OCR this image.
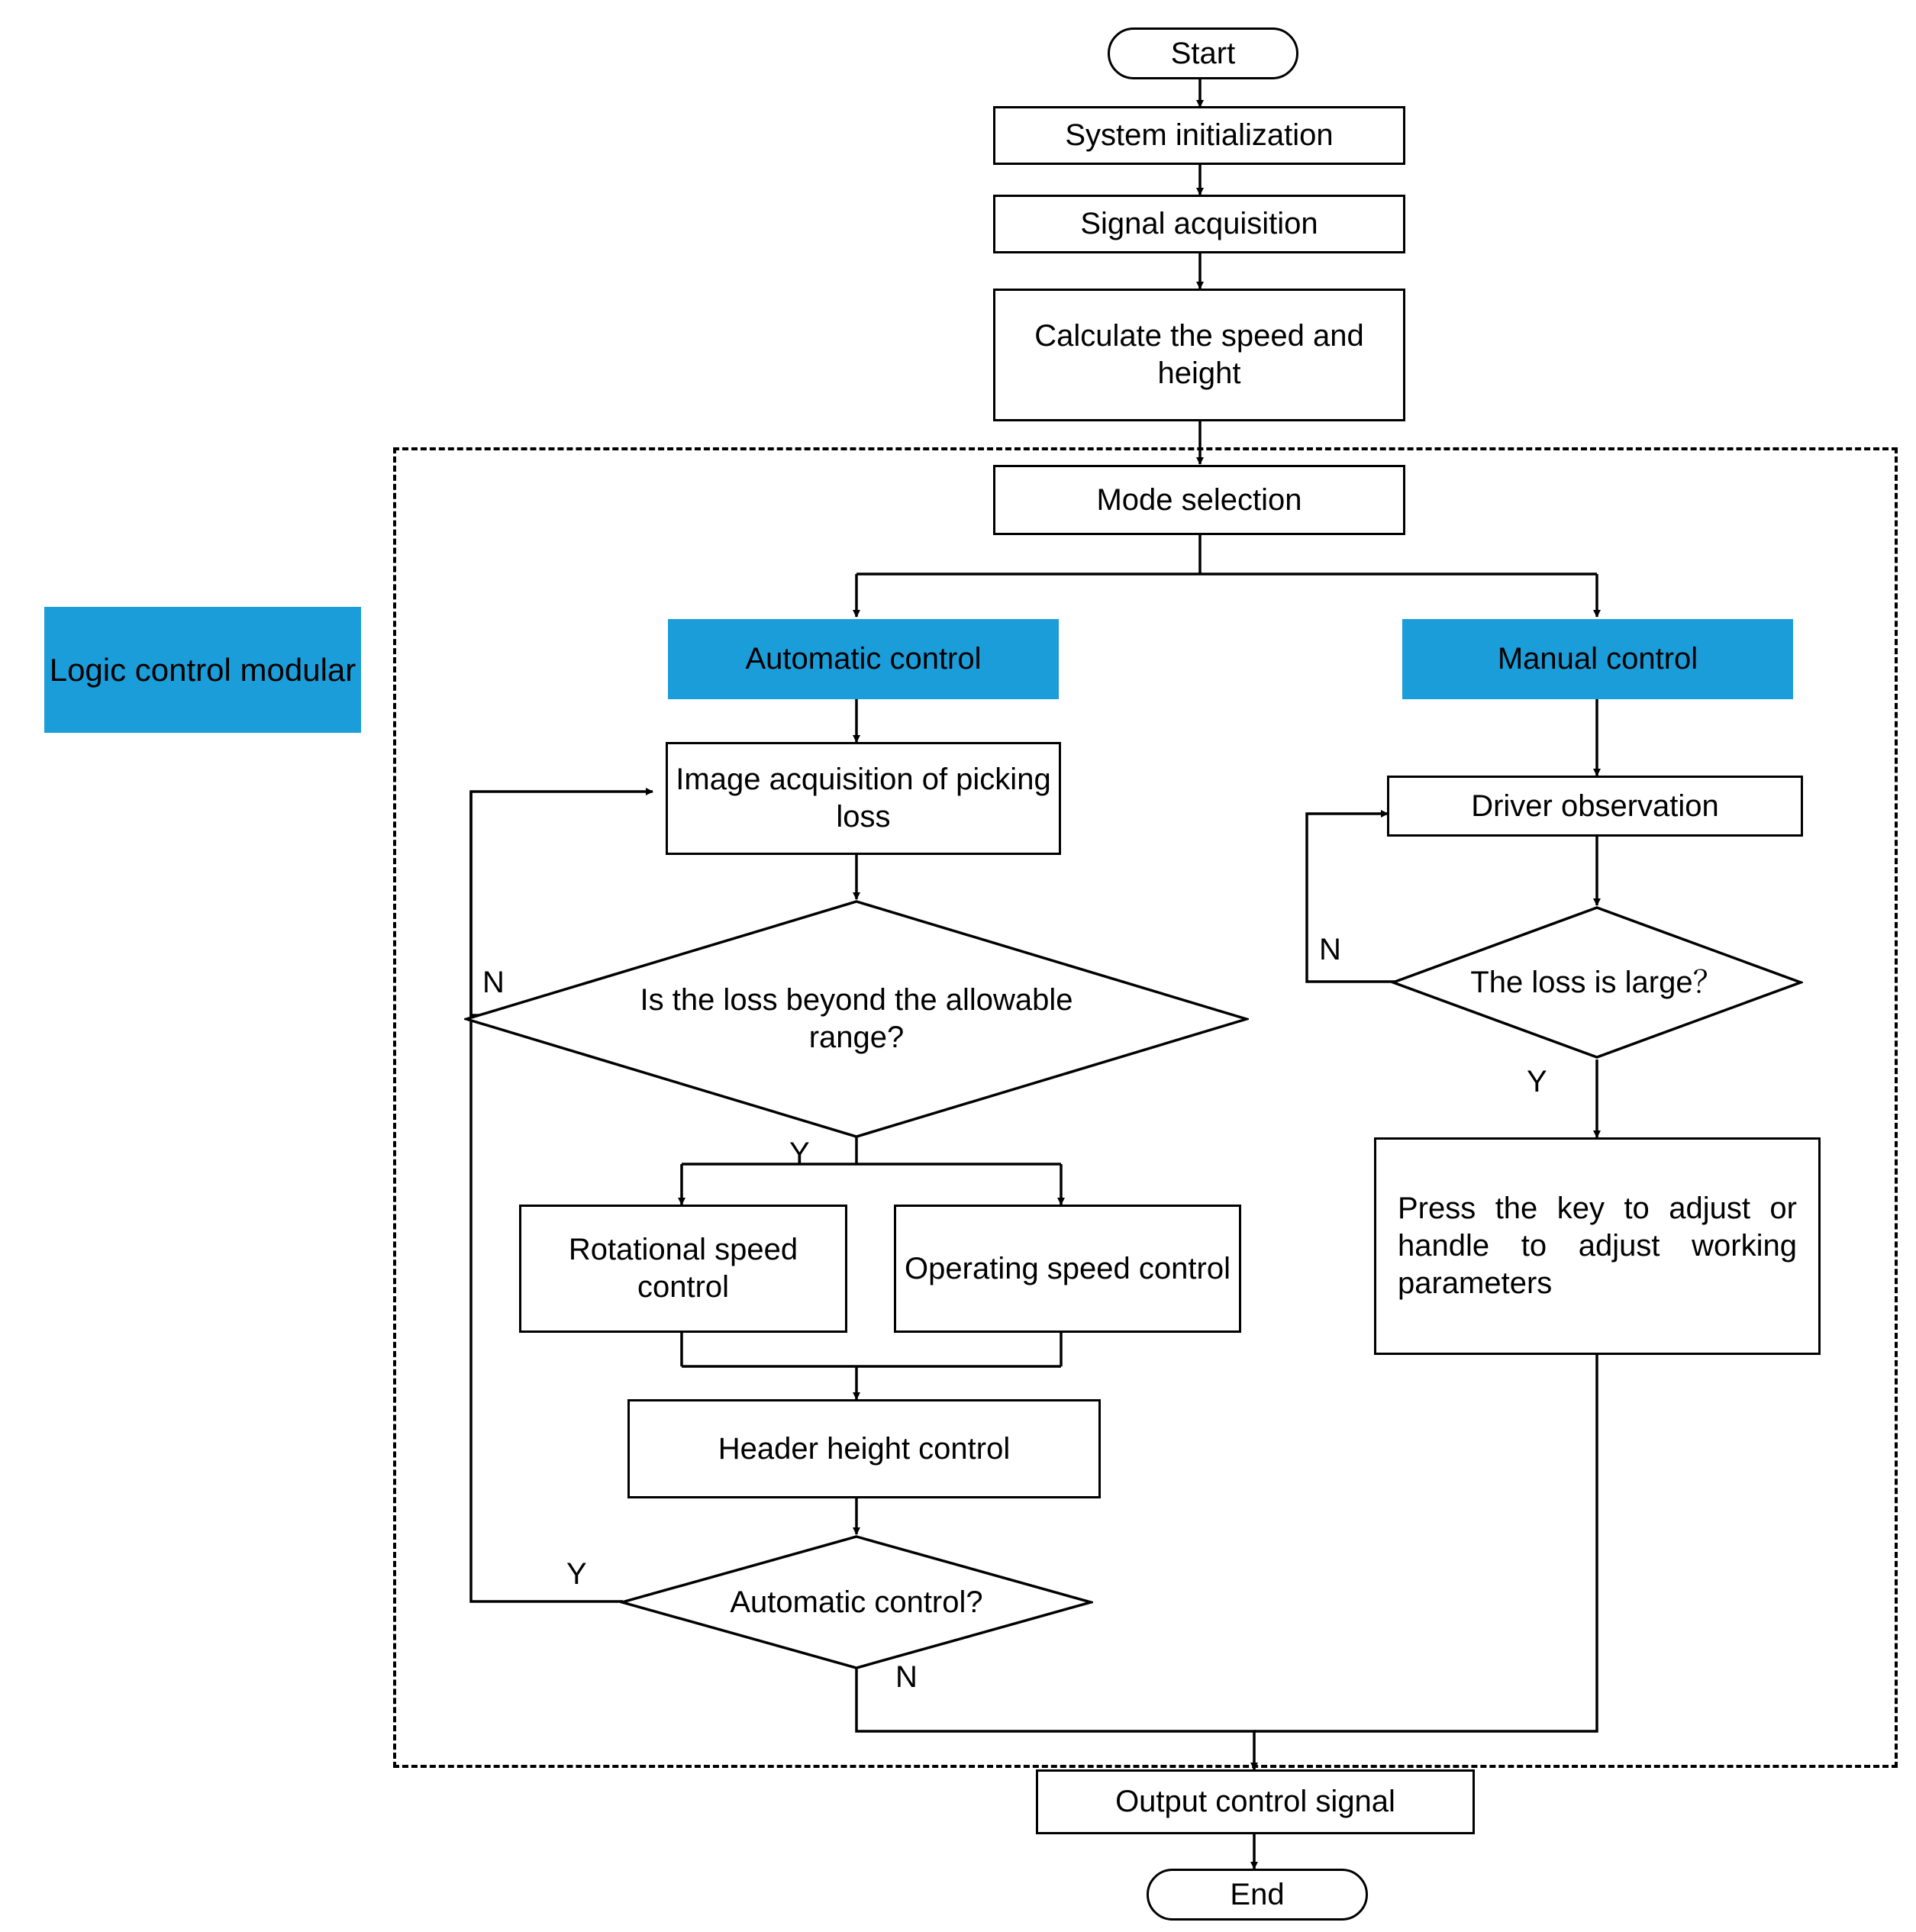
Logic control modular
Start
System initialization
Signal acquisition
Calculate the speed and height
Mode selection
Automatic control	Manual control
Image acquisition of picking loss
Is the loss beyond the allowable range?
Rotational speed control
Operating speed control
Header height control
Automatic control?
Driver observation
The loss is large？
Press the key to adjust or handle to adjust working parameters
Output control signal
End
N
Y
Y
N
N
Y
